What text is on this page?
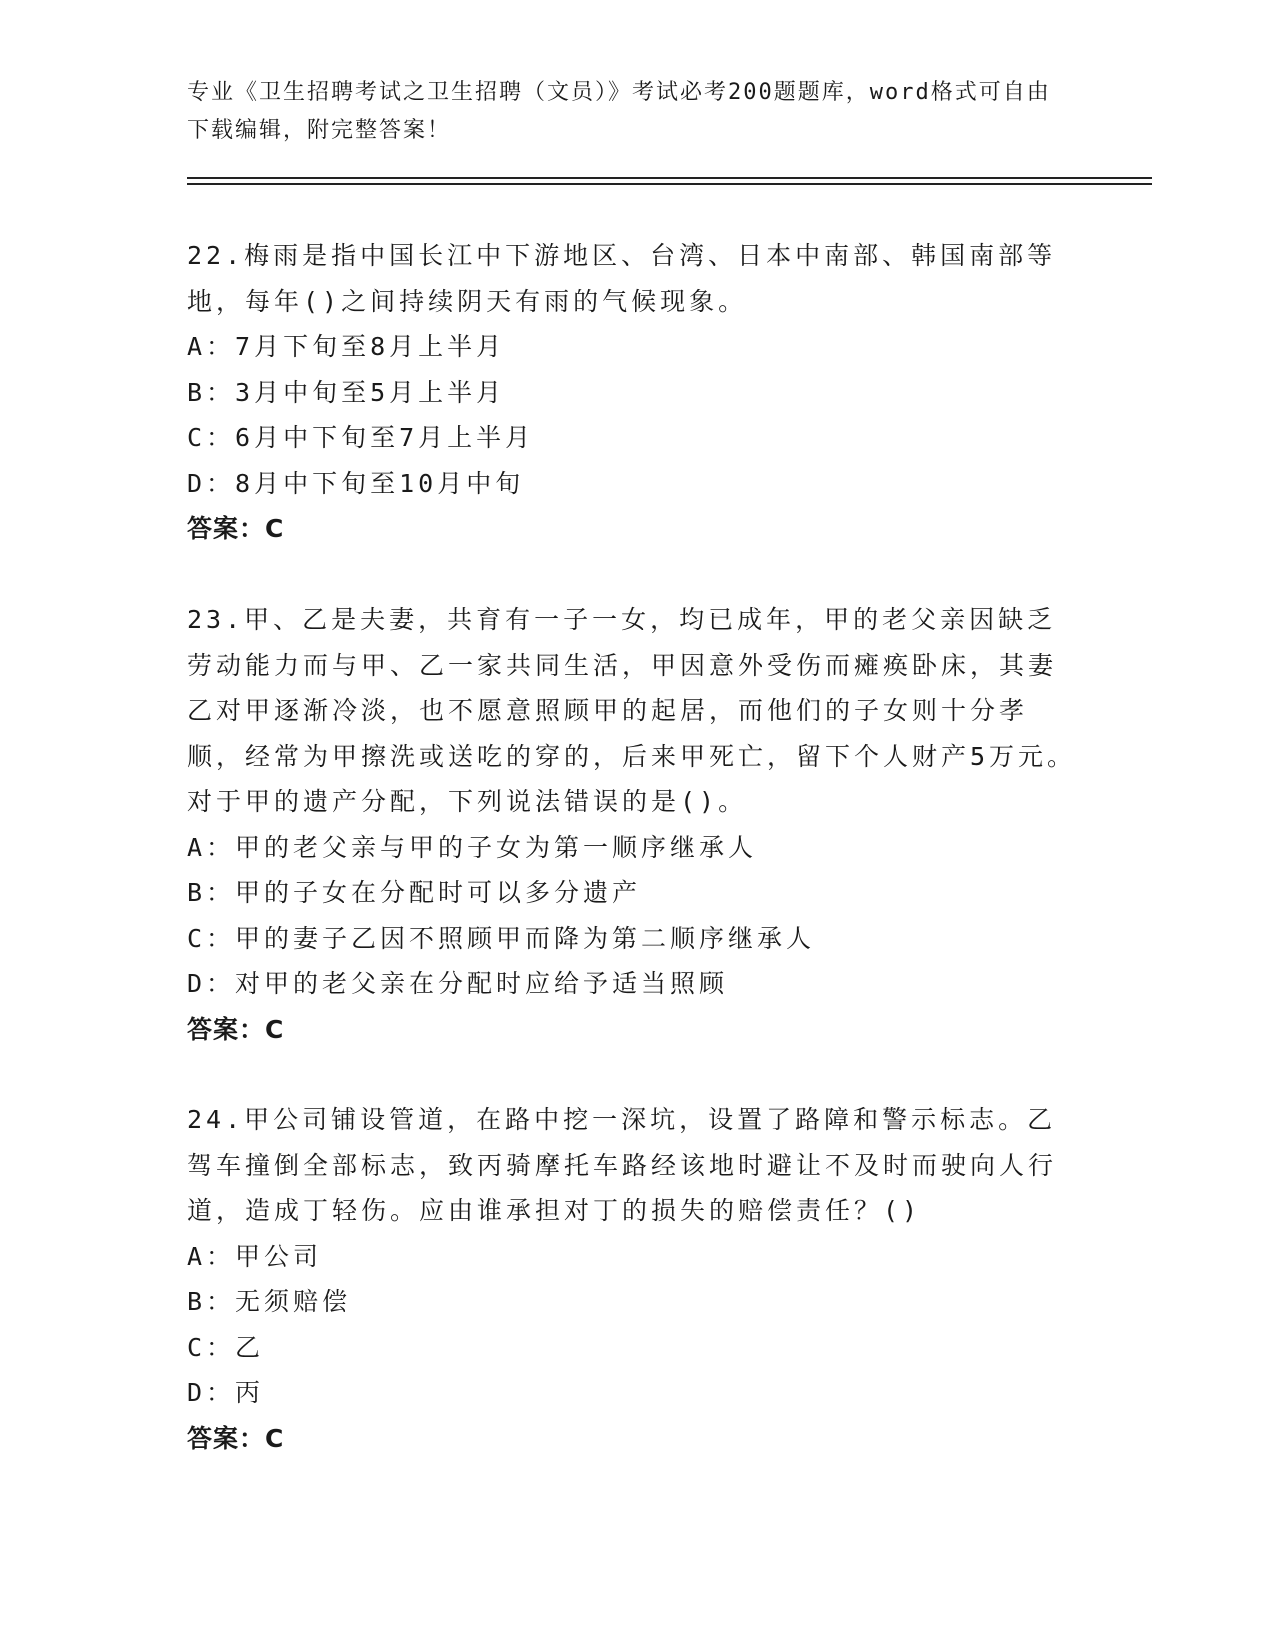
专业《卫生招聘考试之卫生招聘（文员）》考试必考200题题库，word格式可自由下载编辑，附完整答案！

22.梅雨是指中国长江中下游地区、台湾、日本中南部、韩国南部等地，每年()之间持续阴天有雨的气候现象。

A：7月下旬至8月上半月

B：3月中旬至5月上半月

C：6月中下旬至7月上半月

D：8月中下旬至10月中旬

答案：C

23.甲、乙是夫妻，共育有一子一女，均已成年，甲的老父亲因缺乏劳动能力而与甲、乙一家共同生活，甲因意外受伤而瘫痪卧床，其妻乙对甲逐渐冷淡，也不愿意照顾甲的起居，而他们的子女则十分孝顺，经常为甲擦洗或送吃的穿的，后来甲死亡，留下个人财产5万元。对于甲的遗产分配，下列说法错误的是()。

A：甲的老父亲与甲的子女为第一顺序继承人

B：甲的子女在分配时可以多分遗产

C：甲的妻子乙因不照顾甲而降为第二顺序继承人

D：对甲的老父亲在分配时应给予适当照顾

答案：C

24.甲公司铺设管道，在路中挖一深坑，设置了路障和警示标志。乙驾车撞倒全部标志，致丙骑摩托车路经该地时避让不及时而驶向人行道，造成丁轻伤。应由谁承担对丁的损失的赔偿责任？()

A：甲公司

B：无须赔偿

C：乙

D：丙

答案：C
